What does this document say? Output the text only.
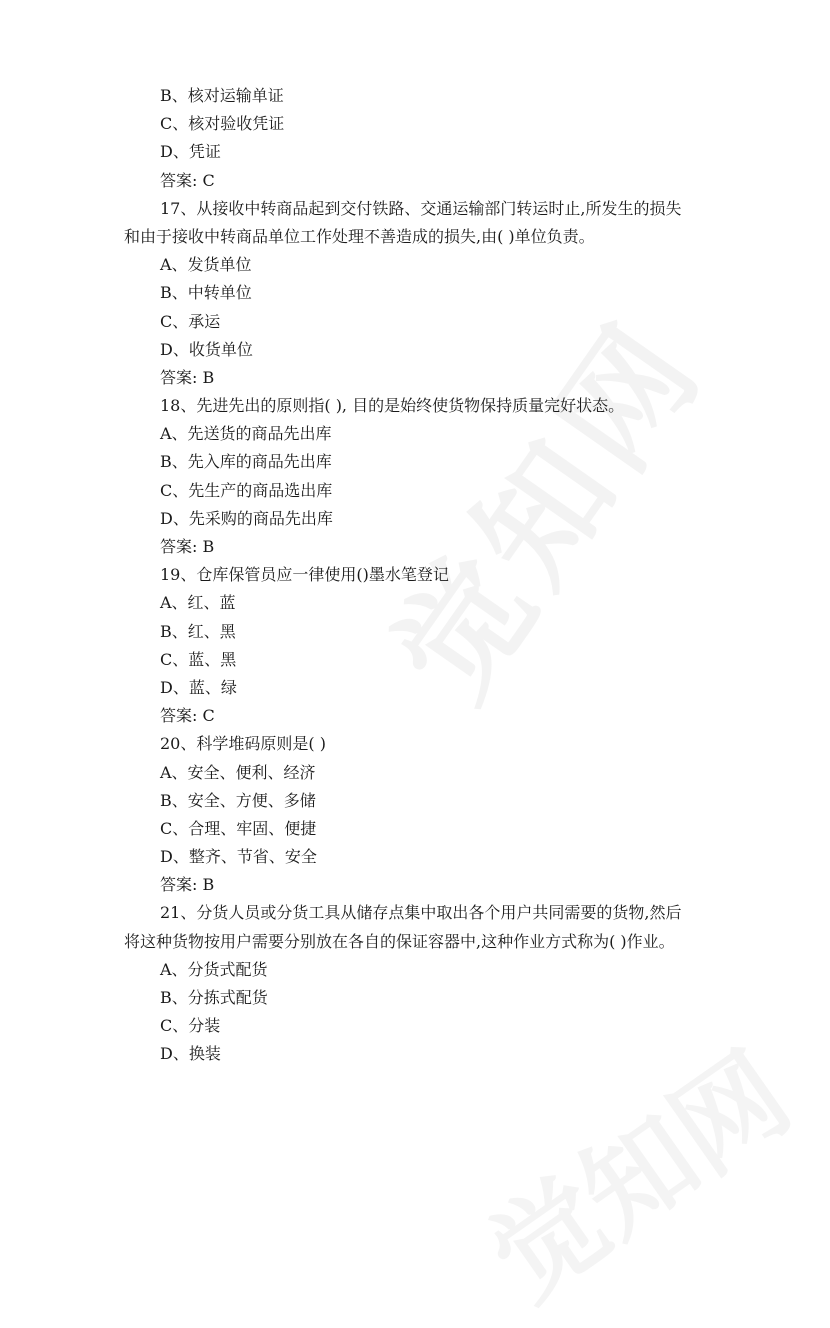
B、核对运输单证
C、核对验收凭证
D、凭证
答案: C
17、从接收中转商品起到交付铁路、交通运输部门转运时止,所发生的损失
和由于接收中转商品单位工作处理不善造成的损失,由( )单位负责。
A、发货单位
B、中转单位
C、承运
D、收货单位
答案: B
18、先进先出的原则指( ), 目的是始终使货物保持质量完好状态。
A、先送货的商品先出库
B、先入库的商品先出库
C、先生产的商品选出库
D、先采购的商品先出库
答案: B
19、仓库保管员应一律使用()墨水笔登记
A、红、蓝
B、红、黑
C、蓝、黑
D、蓝、绿
答案: C
20、科学堆码原则是( )
A、安全、便利、经济
B、安全、方便、多储
C、合理、牢固、便捷
D、整齐、节省、安全
答案: B
21、分货人员或分货工具从储存点集中取出各个用户共同需要的货物,然后
将这种货物按用户需要分别放在各自的保证容器中,这种作业方式称为( )作业。
A、分货式配货
B、分拣式配货
C、分装
D、换装
